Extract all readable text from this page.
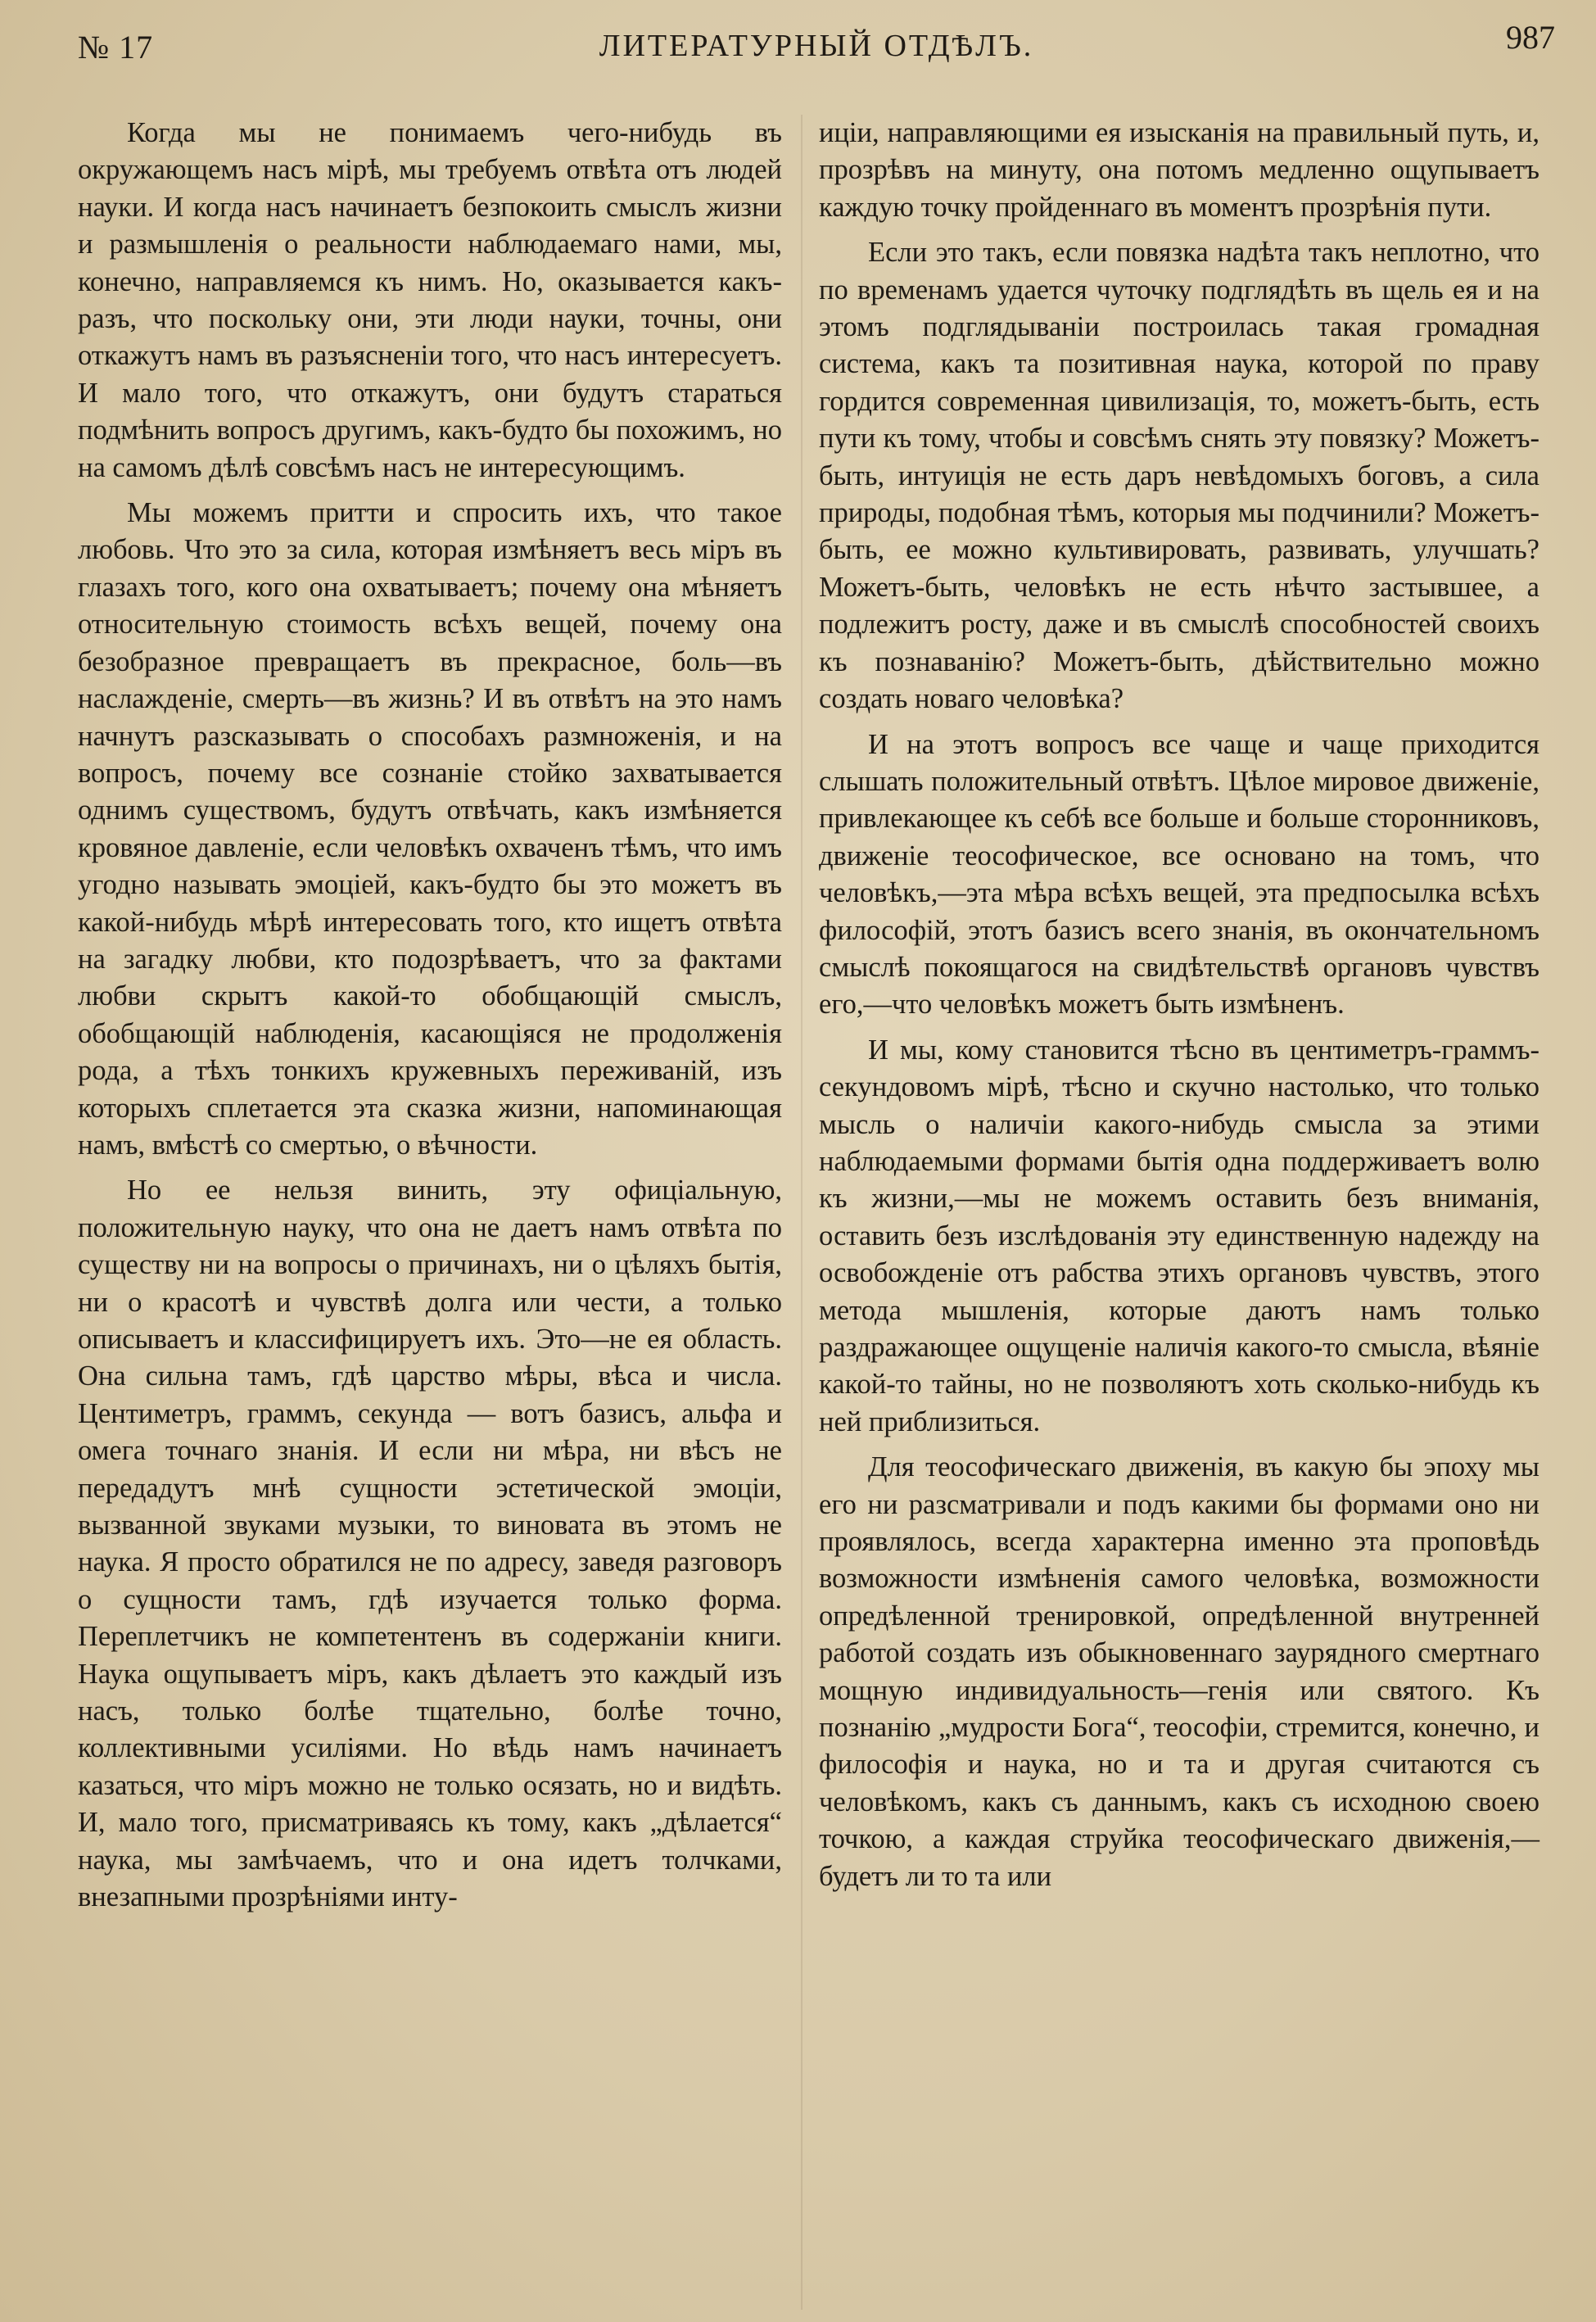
№ 17	ЛИТЕРАТУРНЫЙ ОТДѢЛЪ.	987

Когда мы не понимаемъ чего-нибудь въ окружающемъ насъ мірѣ, мы требуемъ отвѣта отъ людей науки. И когда насъ начинаетъ безпокоить смыслъ жизни и размышленія о реальности наблюдаемаго нами, мы, конечно, направляемся къ нимъ. Но, оказывается какъ-разъ, что поскольку они, эти люди науки, точны, они откажутъ намъ въ разъясненіи того, что насъ интересуетъ. И мало того, что откажутъ, они будутъ стараться подмѣнить вопросъ другимъ, какъ-будто бы похожимъ, но на самомъ дѣлѣ совсѣмъ насъ не интересующимъ.

Мы можемъ притти и спросить ихъ, что такое любовь. Что это за сила, которая измѣняетъ весь міръ въ глазахъ того, кого она охватываетъ; почему она мѣняетъ относительную стоимость всѣхъ вещей, почему она безобразное превращаетъ въ прекрасное, боль—въ наслажденіе, смерть—въ жизнь? И въ отвѣтъ на это намъ начнутъ разсказывать о способахъ размноженія, и на вопросъ, почему все сознаніе стойко захватывается однимъ существомъ, будутъ отвѣчать, какъ измѣняется кровяное давленіе, если человѣкъ охваченъ тѣмъ, что имъ угодно называть эмоціей, какъ-будто бы это можетъ въ какой-нибудь мѣрѣ интересовать того, кто ищетъ отвѣта на загадку любви, кто подозрѣваетъ, что за фактами любви скрытъ какой-то обобщающій смыслъ, обобщающій наблюденія, касающіяся не продолженія рода, а тѣхъ тонкихъ кружевныхъ переживаній, изъ которыхъ сплетается эта сказка жизни, напоминающая намъ, вмѣстѣ со смертью, о вѣчности.

Но ее нельзя винить, эту офиціальную, положительную науку, что она не даетъ намъ отвѣта по существу ни на вопросы о причинахъ, ни о цѣляхъ бытія, ни о красотѣ и чувствѣ долга или чести, а только описываетъ и классифицируетъ ихъ. Это—не ея область. Она сильна тамъ, гдѣ царство мѣры, вѣса и числа. Центиметръ, граммъ, секунда — вотъ базисъ, альфа и омега точнаго знанія. И если ни мѣра, ни вѣсъ не передадутъ мнѣ сущности эстетической эмоціи, вызванной звуками музыки, то виновата въ этомъ не наука. Я просто обратился не по адресу, заведя разговоръ о сущности тамъ, гдѣ изучается только форма. Переплетчикъ не компетентенъ въ содержаніи книги. Наука ощупываетъ міръ, какъ дѣлаетъ это каждый изъ насъ, только болѣе тщательно, болѣе точно, коллективными усиліями. Но вѣдь намъ начинаетъ казаться, что міръ можно не только осязать, но и видѣть. И, мало того, присматриваясь къ тому, какъ „дѣлается“ наука, мы замѣчаемъ, что и она идетъ толчками, внезапными прозрѣніями инту-

иціи, направляющими ея изысканія на правильный путь, и, прозрѣвъ на минуту, она потомъ медленно ощупываетъ каждую точку пройденнаго въ моментъ прозрѣнія пути.

Если это такъ, если повязка надѣта такъ неплотно, что по временамъ удается чуточку подглядѣть въ щель ея и на этомъ подглядываніи построилась такая громадная система, какъ та позитивная наука, которой по праву гордится современная цивилизація, то, можетъ-быть, есть пути къ тому, чтобы и совсѣмъ снять эту повязку? Можетъ-быть, интуиція не есть даръ невѣдомыхъ боговъ, а сила природы, подобная тѣмъ, которыя мы подчинили? Можетъ-быть, ее можно культивировать, развивать, улучшать? Можетъ-быть, человѣкъ не есть нѣчто застывшее, а подлежитъ росту, даже и въ смыслѣ способностей своихъ къ познаванію? Можетъ-быть, дѣйствительно можно создать новаго человѣка?

И на этотъ вопросъ все чаще и чаще приходится слышать положительный отвѣтъ. Цѣлое мировое движеніе, привлекающее къ себѣ все больше и больше сторонниковъ, движеніе теософическое, все основано на томъ, что человѣкъ,—эта мѣра всѣхъ вещей, эта предпосылка всѣхъ философій, этотъ базисъ всего знанія, въ окончательномъ смыслѣ покоящагося на свидѣтельствѣ органовъ чувствъ его,—что человѣкъ можетъ быть измѣненъ.

И мы, кому становится тѣсно въ центиметръ-граммъ-секундовомъ мірѣ, тѣсно и скучно настолько, что только мысль о наличіи какого-нибудь смысла за этими наблюдаемыми формами бытія одна поддерживаетъ волю къ жизни,—мы не можемъ оставить безъ вниманія, оставить безъ изслѣдованія эту единственную надежду на освобожденіе отъ рабства этихъ органовъ чувствъ, этого метода мышленія, которые даютъ намъ только раздражающее ощущеніе наличія какого-то смысла, вѣяніе какой-то тайны, но не позволяютъ хоть сколько-нибудь къ ней приблизиться.

Для теософическаго движенія, въ какую бы эпоху мы его ни разсматривали и подъ какими бы формами оно ни проявлялось, всегда характерна именно эта проповѣдь возможности измѣненія самого человѣка, возможности опредѣленной тренировкой, опредѣленной внутренней работой создать изъ обыкновеннаго заурядного смертнаго мощную индивидуальность—генія или святого. Къ познанію „мудрости Бога“, теософіи, стремится, конечно, и философія и наука, но и та и другая считаются съ человѣкомъ, какъ съ даннымъ, какъ съ исходною своею точкою, а каждая струйка теософическаго движенія,—будетъ ли то та или
